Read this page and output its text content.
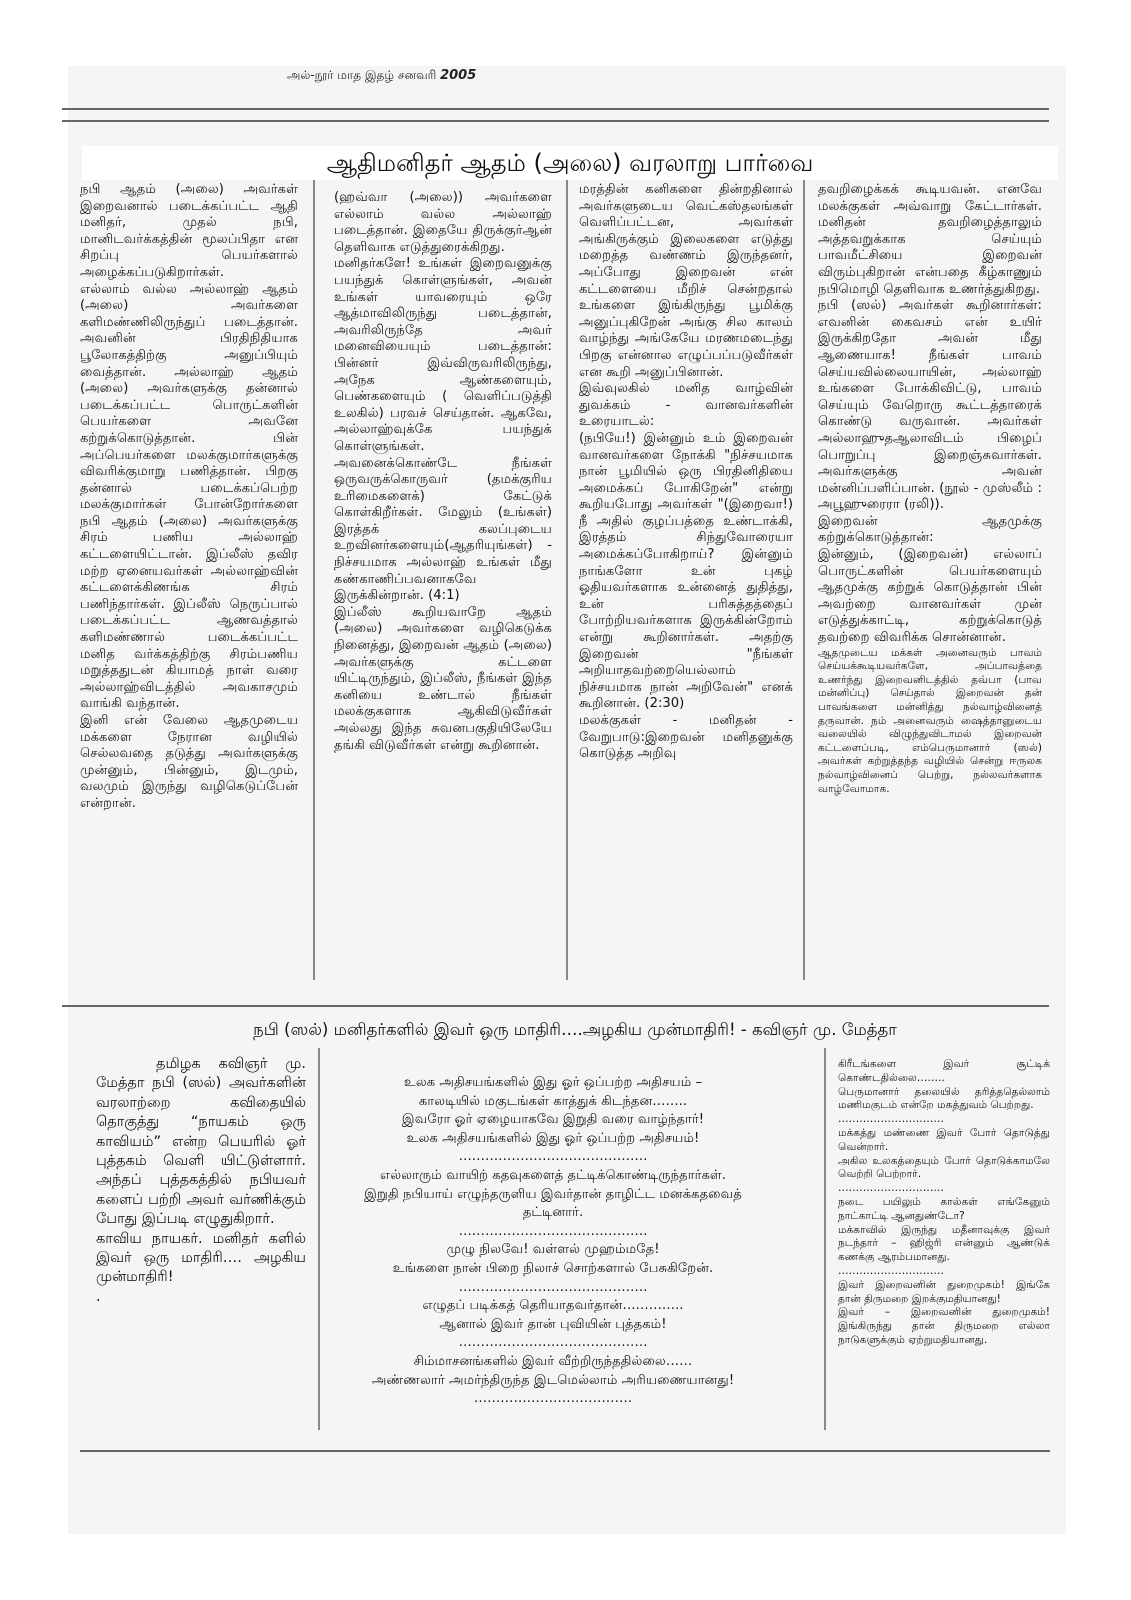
அல்-நூர் மாத இதழ் சனவரி 2005
ஆதிமனிதர் ஆதம் (அலை) வரலாறு பார்வை

நபி ஆதம் (அலை) அவர்கள் இறைவனால் படைக்கப்பட்ட ஆதி மனிதர், முதல் நபி, மானிடவர்க்கத்தின் மூலப்பிதா என சிறப்பு பெயர்களால் அழைக்கப்படுகிறார்கள்.

எல்லாம் வல்ல அல்லாஹ் ஆதம் (அலை) அவர்களை களிமண்ணிலிருந்துப் படைத்தான். அவனின் பிரதிநிதியாக பூலோகத்திற்கு அனுப்பியும் வைத்தான். அல்லாஹ் ஆதம் (அலை) அவர்களுக்கு தன்னால் படைக்கப்பட்ட பொருட்களின் பெயர்களை அவனே கற்றுக்கொடுத்தான். பின் அப்பெயர்களை மலக்குமார்களுக்கு விவரிக்குமாறு பணித்தான். பிறகு தன்னால் படைக்கப்பெற்ற மலக்குமார்கள் போன்றோர்களை நபி ஆதம் (அலை) அவர்களுக்கு சிரம் பணிய அல்லாஹ் கட்டளையிட்டான். இப்லீஸ் தவிர மற்ற ஏனையவர்கள் அல்லாஹ்வின் கட்டளைக்கிணங்க சிரம் பணிந்தார்கள். இப்லீஸ் நெருப்பால் படைக்கப்பட்ட ஆணவத்தால் களிமண்ணால் படைக்கப்பட்ட மனித வர்க்கத்திற்கு சிரம்பணிய மறுத்ததுடன் கியாமத் நாள் வரை அல்லாஹ்விடத்தில் அவகாசமும் வாங்கி வந்தான்.

இனி என் வேலை ஆதமுடைய மக்களை நேரான வழியில் செல்லவதை தடுத்து அவர்களுக்கு முன்னும், பின்னும், இடமும், வலமும் இருந்து வழிகெடுப்பேன் என்றான்.

(ஹவ்வா (அலை)) அவர்களை எல்லாம் வல்ல அல்லாஹ் படைத்தான். இதையே திருக்குர்ஆன் தெளிவாக எடுத்துரைக்கிறது.

மனிதர்களே! உங்கள் இறைவனுக்கு பயந்துக் கொள்ளுங்கள், அவன் உங்கள் யாவரையும் ஒரே ஆத்மாவிலிருந்து படைத்தான், அவரிலிருந்தே அவர் மனைவியையும் படைத்தான்: பின்னர் இவ்விருவரிலிருந்து, அநேக ஆண்களையும், பெண்களையும் ( வெளிப்படுத்தி உலகில்) பரவச் செய்தான். ஆகவே, அல்லாஹ்வுக்கே பயந்துக் கொள்ளுங்கள்.

அவனைக்கொண்டே நீங்கள் ஒருவருக்கொருவர் (தமக்குரிய உரிமைகளைக்) கேட்டுக் கொள்கிறீர்கள். மேலும் (உங்கள்) இரத்தக் கலப்புடைய உறவினர்களையும்(ஆதரியுங்கள்) - நிச்சயமாக அல்லாஹ் உங்கள் மீது கண்காணிப்பவனாகவே இருக்கின்றான். (4:1)

இப்லீஸ் கூறியவாறே ஆதம் (அலை) அவர்களை வழிகெடுக்க நினைத்து, இறைவன் ஆதம் (அலை) அவர்களுக்கு கட்டளை யிட்டிருந்தும், இப்லீஸ், நீங்கள் இந்த கனியை உண்டால் நீங்கள் மலக்குகளாக ஆகிவிடுவீர்கள் அல்லது இந்த சுவனபகுதியிலேயே தங்கி விடுவீர்கள் என்று கூறினான்.

மரத்தின் கனிகளை தின்றதினால் அவர்களுடைய வெட்கஸ்தலங்கள் வெளிப்பட்டன, அவர்கள் அங்கிருக்கும் இலைகளை எடுத்து மறைத்த வண்ணம் இருந்தனர், அப்போது இறைவன் என் கட்டளையை மீறிச் சென்றதால் உங்களை இங்கிருந்து பூமிக்கு அனுப்புகிறேன் அங்கு சில காலம் வாழ்ந்து அங்கேயே மரணமடைந்து பிறகு என்னால எழுப்பப்படுவீர்கள் என கூறி அனுப்பினான்.

இவ்வுலகில் மனித வாழ்வின் துவக்கம் - வானவர்களின் உரையாடல்:

(நபியே!) இன்னும் உம் இறைவன் வானவர்களை நோக்கி "நிச்சயமாக நான் பூமியில் ஒரு பிரதினிதியை அமைக்கப் போகிறேன்" என்று கூறியபோது அவர்கள் "(இறைவா!) நீ அதில் குழப்பத்தை உண்டாக்கி, இரத்தம் சிந்துவோரையா அமைக்கப்போகிறாய்? இன்னும் நாங்களோ உன் புகழ் ஓதியவர்களாக உன்னைத் துதித்து, உன் பரிசுத்தத்தைப் போற்றியவர்களாக இருக்கின்றோம் என்று கூறினார்கள். அதற்கு இறைவன் "நீங்கள் அறியாதவற்றையெல்லாம் நிச்சயமாக நான் அறிவேன்" எனக் கூறினான். (2:30)

மலக்குகள் - மனிதன் - வேறுபாடு:இறைவன் மனிதனுக்கு கொடுத்த அறிவு

தவறிழைக்கக் கூடியவன். எனவே மலக்குகள் அவ்வாறு கேட்டார்கள். மனிதன் தவறிழைத்தாலும் அத்தவறுக்காக செய்யும் பாவமீட்சியை இறைவன் விரும்புகிறான் என்பதை கீழ்காணும் நபிமொழி தெளிவாக உணர்த்துகிறது.

நபி (ஸல்) அவர்கள் கூறினார்கள்: எவனின் கைவசம் என் உயிர் இருக்கிறதோ அவன் மீது ஆணையாக! நீங்கள் பாவம் செய்யவில்லையாயின், அல்லாஹ் உங்களை போக்கிவிட்டு, பாவம் செய்யும் வேறொரு கூட்டத்தாரைக் கொண்டு வருவான். அவர்கள் அல்லாஹுதஆலாவிடம் பிழைப் பொறுப்பு இறைஞ்சுவார்கள். அவர்களுக்கு அவன் மன்னிப்பளிப்பான். (நூல் - முஸ்லீம் : அபூஹுரைரா (ரலி)).

இறைவன் ஆதமுக்கு கற்றுக்கொடுத்தான்:

இன்னும், (இறைவன்) எல்லாப் பொருட்களின் பெயர்களையும் ஆதமுக்கு கற்றுக் கொடுத்தான் பின் அவற்றை வானவர்கள் முன் எடுத்துக்காட்டி, கற்றுக்கொடுத் தவற்றை விவரிக்க சொன்னான்.

ஆதமுடைய மக்கள் அனைவரும் பாவம் செய்யக்கூடியவர்களே, அப்பாவத்தை உணர்ந்து இறைவனிடத்தில் தவ்பா (பாவ மன்னிப்பு) செய்தால் இறைவன் தன் பாவங்களை மன்னித்து நல்வாழ்வினைத் தருவான். நம் அனைவரும் ஷைத்தானுடைய வலையில் விழுந்துவிடாமல் இறைவன் கட்டளைப்படி, எம்பெருமானார் (ஸல்) அவர்கள் கற்றுத்தந்த வழியில் சென்று ஈருலக நல்வாழ்வினைப் பெற்று, நல்லவர்களாக வாழ்வோமாக.

நபி (ஸல்) மனிதர்களில் இவர் ஒரு மாதிரி….அழகிய முன்மாதிரி! - கவிஞர் மு. மேத்தா

தமிழக கவிஞர் மு. மேத்தா நபி (ஸல்) அவர்களின் வரலாற்றை கவிதையில் தொகுத்து “நாயகம் ஒரு காவியம்” என்ற பெயரில் ஓர் புத்தகம் வெளி யிட்டுள்ளார். அந்தப் புத்தகத்தில் நபியவர் களைப் பற்றி அவர் வர்ணிக்கும் போது இப்படி எழுதுகிறார்.

காவிய நாயகர். மனிதர் களில் இவர் ஒரு மாதிரி…. அழகிய முன்மாதிரி!

.

உலக அதிசயங்களில் இது ஓர் ஒப்பற்ற அதிசயம் –

காலடியில் மகுடங்கள் காத்துக் கிடந்தன……..

இவரோ ஓர் ஏழையாகவே இறுதி வரை வாழ்ந்தார்!

உலக அதிசயங்களில் இது ஓர் ஒப்பற்ற அதிசயம்!

…………………………………….

எல்லாரும் வாயிற் கதவுகளைத் தட்டிக்கொண்டிருந்தார்கள்.

இறுதி நபியாய் எழுந்தருளிய இவர்தான் தாழிட்ட மனக்கதவைத் தட்டினார்.

…………………………………….

முழு நிலவே! வள்ளல் முஹம்மதே!

உங்களை நான் பிறை நிலாச் சொற்களால் பேசுகிறேன்.

…………………………………….

எழுதப் படிக்கத் தெரியாதவர்தான்…………..

ஆனால் இவர் தான் புவியின் புத்தகம்!

…………………………………….

சிம்மாசனங்களில் இவர் வீற்றிருந்ததில்லை……

அண்ணலார் அமர்ந்திருந்த இடமெல்லாம் அரியணையானது!

………………………………

கிரீடங்களை இவர் சூட்டிக் கொண்டதில்லை……..

பெருமானார் தலையில் தரித்ததெல்லாம் மணிமகுடம் என்றே மகத்துவம் பெற்றது.

…………………………

மக்கத்து மண்ணை இவர் போர் தொடுத்து வென்றார்.

அகில உலகத்தையும் போர் தொடுக்காமலே வெற்றி பெற்றார்.

…………………………

நடை பயிலும் கால்கள் எங்கேனும் நாட்காட்டி ஆனதுண்டோ?

மக்காவில் இருந்து மதீனாவுக்கு இவர் நடந்தார் – ஹிஜ்ரி என்னும் ஆண்டுக் கணக்கு ஆரம்பமானது.

…………………………

இவர் இறைவனின் துறைமுகம்! இங்கே தான் திருமறை இறக்குமதியானது!

இவர் – இறைவனின் துறைமுகம்! இங்கிருந்து தான் திருமறை எல்லா நாடுகளுக்கும் ஏற்றுமதியானது.
